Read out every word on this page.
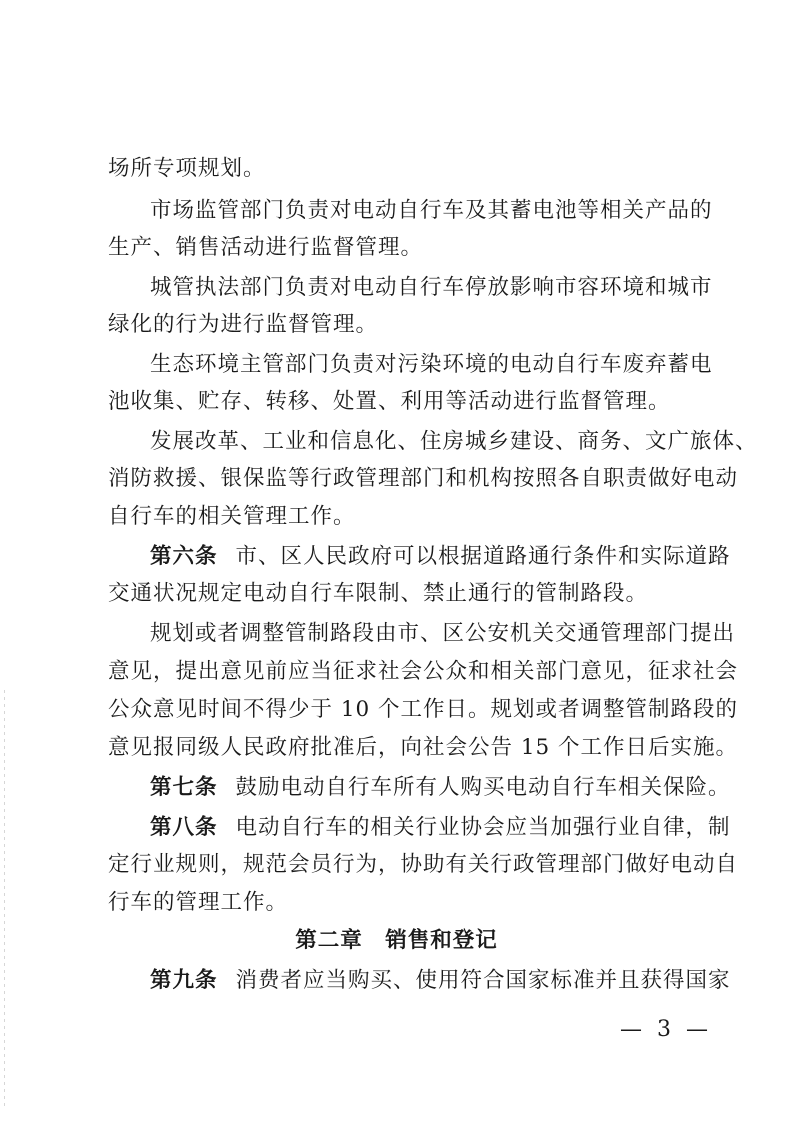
场所专项规划。
市场监管部门负责对电动自行车及其蓄电池等相关产品的
生产、销售活动进行监督管理。
城管执法部门负责对电动自行车停放影响市容环境和城市
绿化的行为进行监督管理。
生态环境主管部门负责对污染环境的电动自行车废弃蓄电
池收集、贮存、转移、处置、利用等活动进行监督管理。
发展改革、工业和信息化、住房城乡建设、商务、文广旅体、
消防救援、银保监等行政管理部门和机构按照各自职责做好电动
自行车的相关管理工作。
第六条 市、区人民政府可以根据道路通行条件和实际道路
交通状况规定电动自行车限制、禁止通行的管制路段。
规划或者调整管制路段由市、区公安机关交通管理部门提出
意见，提出意见前应当征求社会公众和相关部门意见，征求社会
公众意见时间不得少于 10 个工作日。规划或者调整管制路段的
意见报同级人民政府批准后，向社会公告 15 个工作日后实施。
第七条 鼓励电动自行车所有人购买电动自行车相关保险。
第八条 电动自行车的相关行业协会应当加强行业自律，制
定行业规则，规范会员行为，协助有关行政管理部门做好电动自
行车的管理工作。
第二章　销售和登记
第九条 消费者应当购买、使用符合国家标准并且获得国家
— 3 —
